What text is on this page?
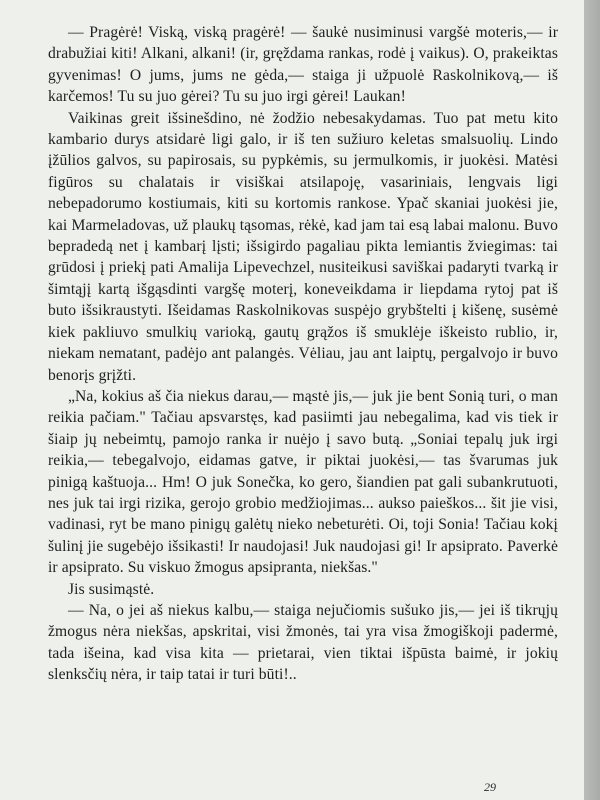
— Pragėrė! Viską, viską pragėrė! — šaukė nusiminusi vargšė moteris,— ir drabužiai kiti! Alkani, alkani! (ir, gręždama rankas, rodė į vaikus). O, prakeiktas gyvenimas! O jums, jums ne gėda,— staiga ji užpuolė Raskolnikovą,— iš karčemos! Tu su juo gėrei? Tu su juo irgi gėrei! Laukan!

Vaikinas greit išsinešdino, nė žodžio nebesakydamas. Tuo pat metu kito kambario durys atsidarė ligi galo, ir iš ten sužiuro keletas smalsuolių. Lindo įžūlios galvos, su papirosais, su pypkėmis, su jermulkomis, ir juokėsi. Matėsi figūros su chalatais ir visiškai atsilapoję, vasariniais, lengvais ligi nebepadorumo kostiumais, kiti su kortomis rankose. Ypač skaniai juokėsi jie, kai Marmeladovas, už plaukų tąsomas, rėkė, kad jam tai esą labai malonu. Buvo bepradedą net į kambarį lįsti; išsigirdo pagaliau pikta lemiantis žviegimas: tai grūdosi į priekį pati Amalija Lipevechzel, nusiteikusi saviškai padaryti tvarką ir šimtąjį kartą išgąsdinti vargšę moterį, koneveikdama ir liepdama rytoj pat iš buto išsikraustyti. Išeidamas Raskolnikovas suspėjo grybštelti į kišenę, susėmė kiek pakliuvo smulkių varioką, gautų grąžos iš smuklėje iškeisto rublio, ir, niekam nematant, padėjo ant palangės. Vėliau, jau ant laiptų, pergalvojo ir buvo benorįs grįžti.

„Na, kokius aš čia niekus darau,— mąstė jis,— juk jie bent Sonią turi, o man reikia pačiam." Tačiau apsvarstęs, kad pasiimti jau nebegalima, kad vis tiek ir šiaip jų nebeimtų, pamojo ranka ir nuėjo į savo butą. „Soniai tepalų juk irgi reikia,— tebegalvojo, eidamas gatve, ir piktai juokėsi,— tas švarumas juk pinigą kaštuoja... Hm! O juk Sonečka, ko gero, šiandien pat gali subankrutuoti, nes juk tai irgi rizika, gerojo grobio medžiojimas... aukso paieškos... šit jie visi, vadinasi, ryt be mano pinigų galėtų nieko nebeturėti. Oi, toji Sonia! Tačiau kokį šulinį jie sugebėjo išsikasti! Ir naudojasi! Juk naudojasi gi! Ir apsiprato. Paverkė ir apsiprato. Su viskuo žmogus apsipranta, niekšas."

Jis susimąstė.

— Na, o jei aš niekus kalbu,— staiga nejučiomis sušuko jis,— jei iš tikrųjų žmogus nėra niekšas, apskritai, visi žmonės, tai yra visa žmogiškoji padermė, tada išeina, kad visa kita — prietarai, vien tiktai išpūsta baimė, ir jokių slenksčių nėra, ir taip tatai ir turi būti!..

29
